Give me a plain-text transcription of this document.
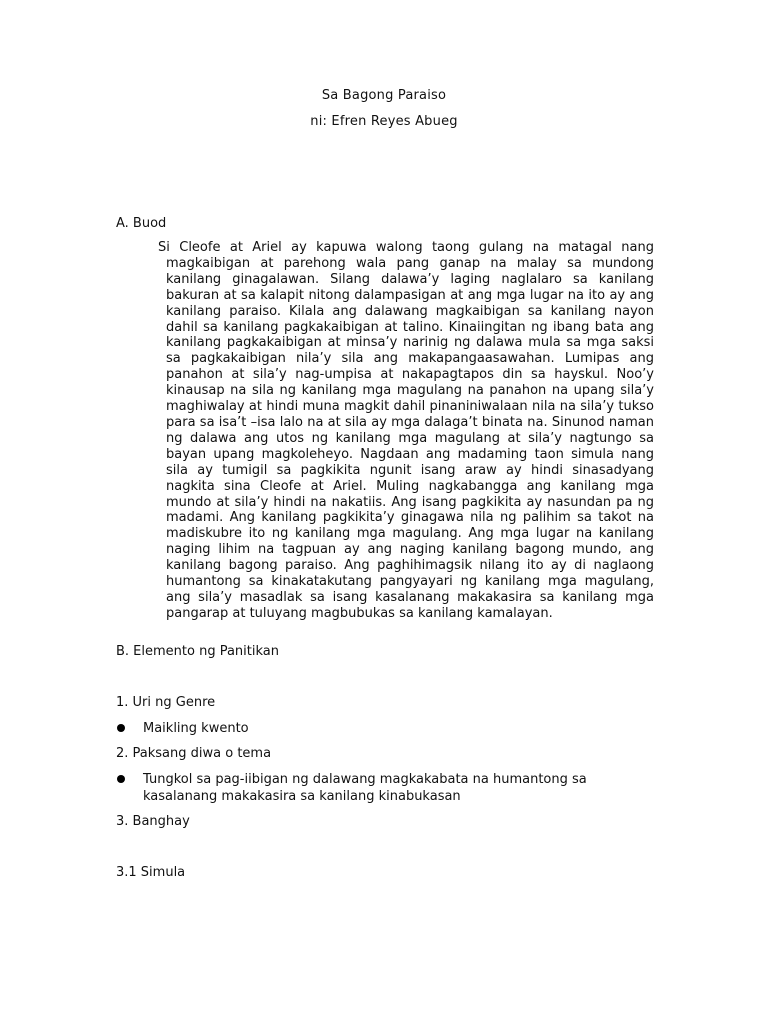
Sa Bagong Paraiso
ni: Efren Reyes Abueg
A. Buod
Si Cleofe at Ariel ay kapuwa walong taong gulang na matagal nang magkaibigan at parehong wala pang ganap na malay sa mundong kanilang ginagalawan. Silang dalawa’y laging naglalaro sa kanilang bakuran at sa kalapit nitong dalampasigan at ang mga lugar na ito ay ang kanilang paraiso. Kilala ang dalawang magkaibigan sa kanilang nayon dahil sa kanilang pagkakaibigan at talino. Kinaiingitan ng ibang bata ang kanilang pagkakaibigan at minsa’y narinig ng dalawa mula sa mga saksi sa pagkakaibigan nila’y sila ang makapangaasawahan. Lumipas ang panahon at sila’y nag-umpisa at nakapagtapos din sa hayskul. Noo’y kinausap na sila ng kanilang mga magulang na panahon na upang sila’y maghiwalay at hindi muna magkit dahil pinaniniwalaan nila na sila’y tukso para sa isa’t –isa lalo na at sila ay mga dalaga’t binata na. Sinunod naman ng dalawa ang utos ng kanilang mga magulang at sila’y nagtungo sa bayan upang magkoleheyo. Nagdaan ang madaming taon simula nang sila ay tumigil sa pagkikita ngunit isang araw ay hindi sinasadyang nagkita sina Cleofe at Ariel. Muling nagkabangga ang kanilang mga mundo at sila’y hindi na nakatiis. Ang isang pagkikita ay nasundan pa ng madami. Ang kanilang pagkikita’y ginagawa nila ng palihim sa takot na madiskubre ito ng kanilang mga magulang. Ang mga lugar na kanilang naging lihim na tagpuan ay ang naging kanilang bagong mundo, ang kanilang bagong paraiso. Ang paghihimagsik nilang ito ay di naglaong humantong sa kinakatakutang pangyayari ng kanilang mga magulang, ang sila’y masadlak sa isang kasalanang makakasira sa kanilang mga pangarap at tuluyang magbubukas sa kanilang kamalayan.
B. Elemento ng Panitikan
1. Uri ng Genre
Maikling kwento
2. Paksang diwa o tema
Tungkol sa pag-iibigan ng dalawang magkakabata na humantong sa kasalanang makakasira sa kanilang kinabukasan
3. Banghay
3.1 Simula
